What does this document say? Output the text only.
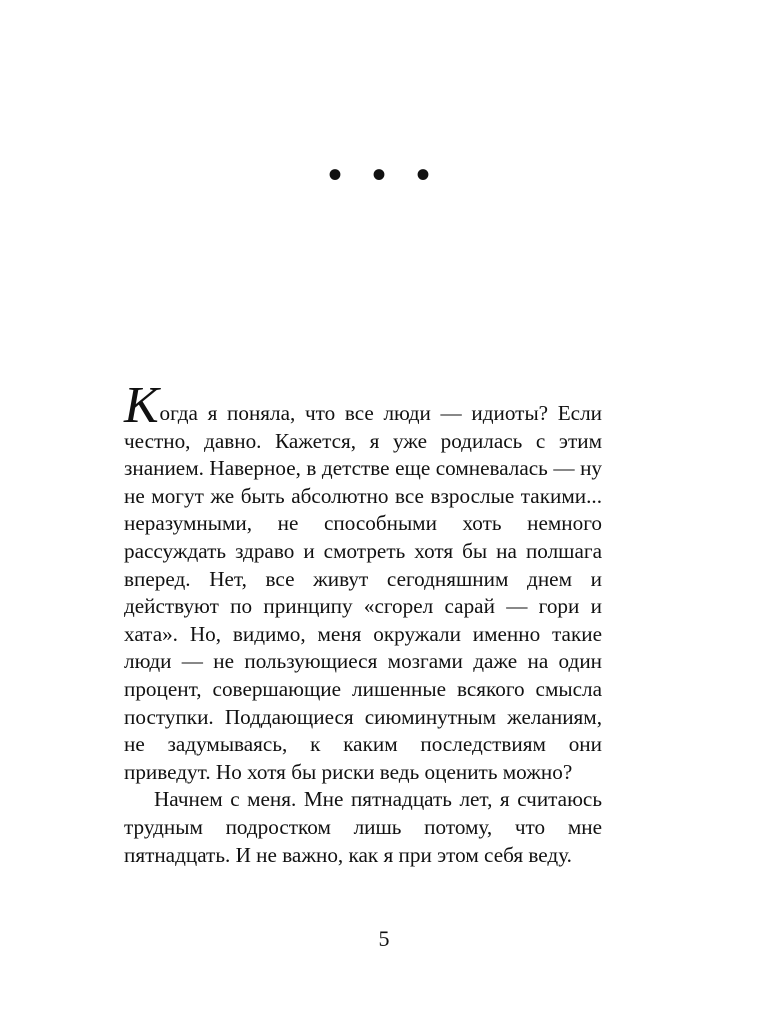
• • •

Когда я поняла, что все люди — идиоты? Если честно, давно. Кажется, я уже родилась с этим знанием. Наверное, в детстве еще сомневалась — ну не могут же быть абсолютно все взрослые такими... неразумными, не способными хоть немного рассуждать здраво и смотреть хотя бы на полшага вперед. Нет, все живут сегодняшним днем и действуют по принципу «сгорел сарай — гори и хата». Но, видимо, меня окружали именно такие люди — не пользующиеся мозгами даже на один процент, совершающие лишенные всякого смысла поступки. Поддающиеся сиюминутным желаниям, не задумываясь, к каким последствиям они приведут. Но хотя бы риски ведь оценить можно?

Начнем с меня. Мне пятнадцать лет, я считаюсь трудным подростком лишь потому, что мне пятнадцать. И не важно, как я при этом себя веду.

5
